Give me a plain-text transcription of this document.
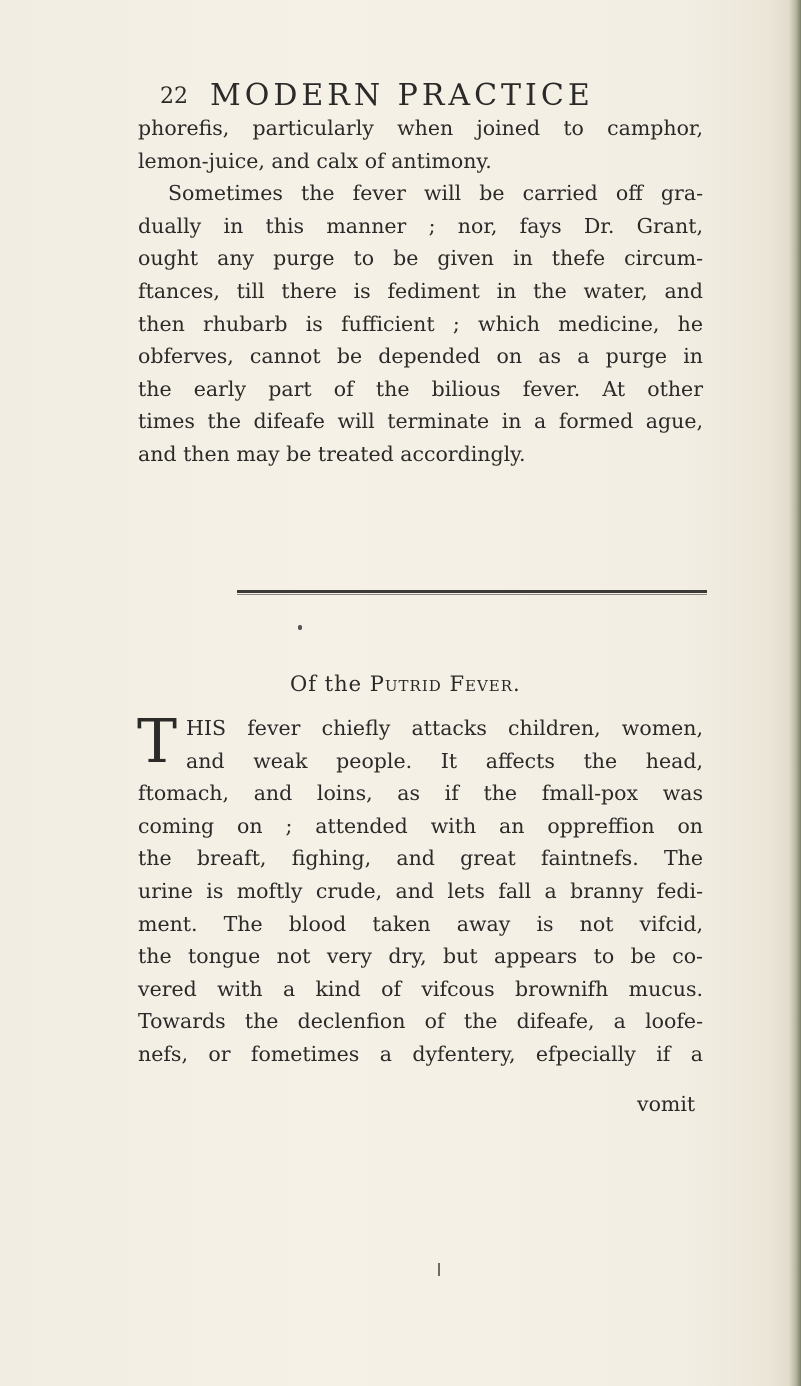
22 MODERN PRACTICE
phorefis, particularly when joined to camphor,
lemon-juice, and calx of antimony.
Sometimes the fever will be carried off gra-
dually in this manner ; nor, fays Dr. Grant,
ought any purge to be given in thefe circum-
ftances, till there is fediment in the water, and
then rhubarb is fufficient ; which medicine, he
obferves, cannot be depended on as a purge in
the early part of the bilious fever. At other
times the difeafe will terminate in a formed ague,
and then may be treated accordingly.
Of the Putrid Fever.
T HIS fever chiefly attacks children, women,
and weak people. It affects the head,
ftomach, and loins, as if the fmall-pox was
coming on ; attended with an oppreffion on
the breaft, fighing, and great faintnefs. The
urine is moftly crude, and lets fall a branny fedi-
ment. The blood taken away is not vifcid,
the tongue not very dry, but appears to be co-
vered with a kind of vifcous brownifh mucus.
Towards the declenfion of the difeafe, a loofe-
nefs, or fometimes a dyfentery, efpecially if a
vomit
